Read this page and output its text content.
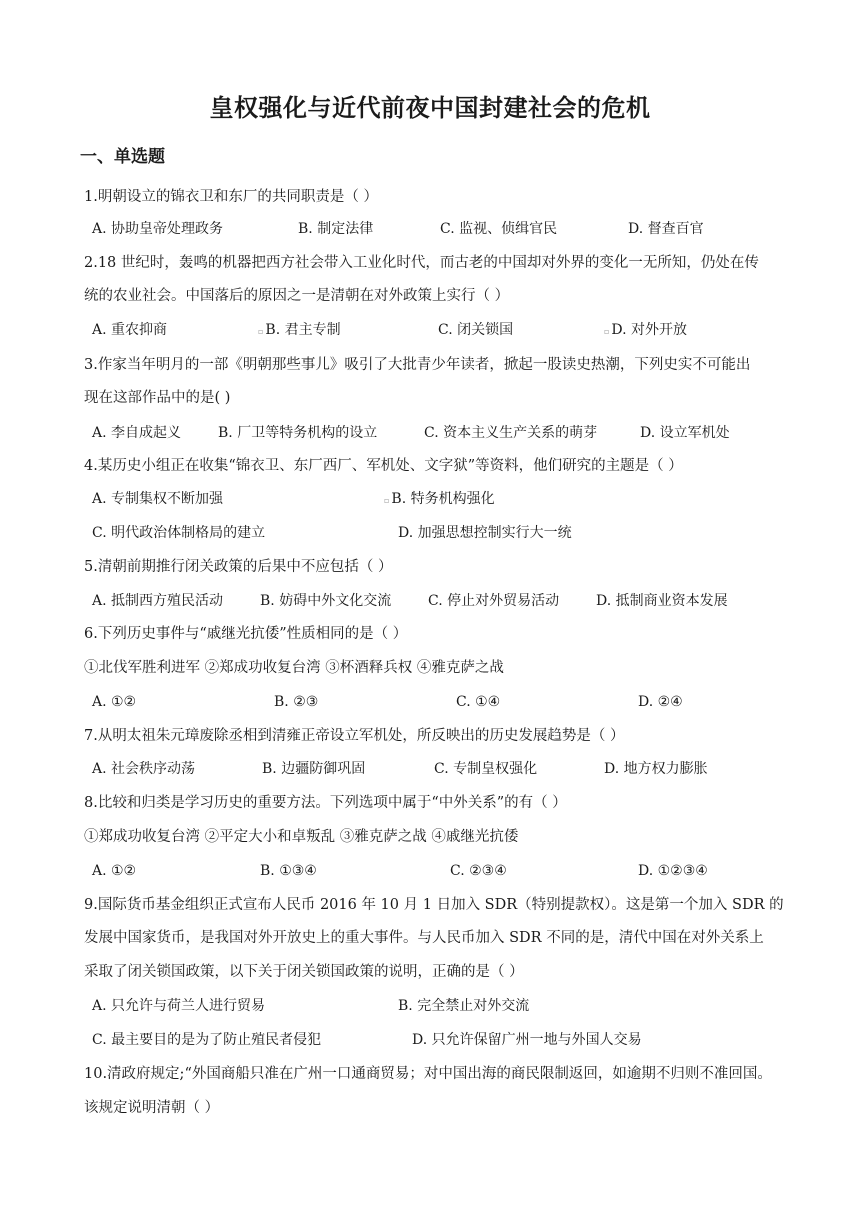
皇权强化与近代前夜中国封建社会的危机
一、单选题
1.明朝设立的锦衣卫和东厂的共同职责是（ ）
A. 协助皇帝处理政务	B. 制定法律	C. 监视、侦缉官民	D. 督查百官
2.18 世纪时，轰鸣的机器把西方社会带入工业化时代，而古老的中国却对外界的变化一无所知，仍处在传
统的农业社会。中国落后的原因之一是清朝在对外政策上实行（ ）
A. 重农抑商	▫ B. 君主专制	C. 闭关锁国	▫ D. 对外开放
3.作家当年明月的一部《明朝那些事儿》吸引了大批青少年读者，掀起一股读史热潮，下列史实不可能出
现在这部作品中的是( )
A. 李自成起义	B. 厂卫等特务机构的设立	C. 资本主义生产关系的萌芽	D. 设立军机处
4.某历史小组正在收集“锦衣卫、东厂西厂、军机处、文字狱”等资料，他们研究的主题是（ ）
A. 专制集权不断加强	▫ B. 特务机构强化
C. 明代政治体制格局的建立	D. 加强思想控制实行大一统
5.清朝前期推行闭关政策的后果中不应包括（ ）
A. 抵制西方殖民活动	B. 妨碍中外文化交流	C. 停止对外贸易活动	D. 抵制商业资本发展
6.下列历史事件与“戚继光抗倭”性质相同的是（ ）
①北伐军胜利进军 ②郑成功收复台湾 ③杯酒释兵权 ④雅克萨之战
A. ①②	B. ②③	C. ①④	D. ②④
7.从明太祖朱元璋废除丞相到清雍正帝设立军机处，所反映出的历史发展趋势是（ ）
A. 社会秩序动荡	B. 边疆防御巩固	C. 专制皇权强化	D. 地方权力膨胀
8.比较和归类是学习历史的重要方法。下列选项中属于“中外关系”的有（ ）
①郑成功收复台湾 ②平定大小和卓叛乱 ③雅克萨之战 ④戚继光抗倭
A. ①②	B. ①③④	C. ②③④	D. ①②③④
9.国际货币基金组织正式宣布人民币 2016 年 10 月 1 日加入 SDR（特别提款权）。这是第一个加入 SDR 的
发展中国家货币，是我国对外开放史上的重大事件。与人民币加入 SDR 不同的是，清代中国在对外关系上
采取了闭关锁国政策，以下关于闭关锁国政策的说明，正确的是（ ）
A. 只允许与荷兰人进行贸易	B. 完全禁止对外交流
C. 最主要目的是为了防止殖民者侵犯	D. 只允许保留广州一地与外国人交易
10.清政府规定;“外国商船只准在广州一口通商贸易；对中国出海的商民限制返回，如逾期不归则不准回国。
该规定说明清朝（ ）
